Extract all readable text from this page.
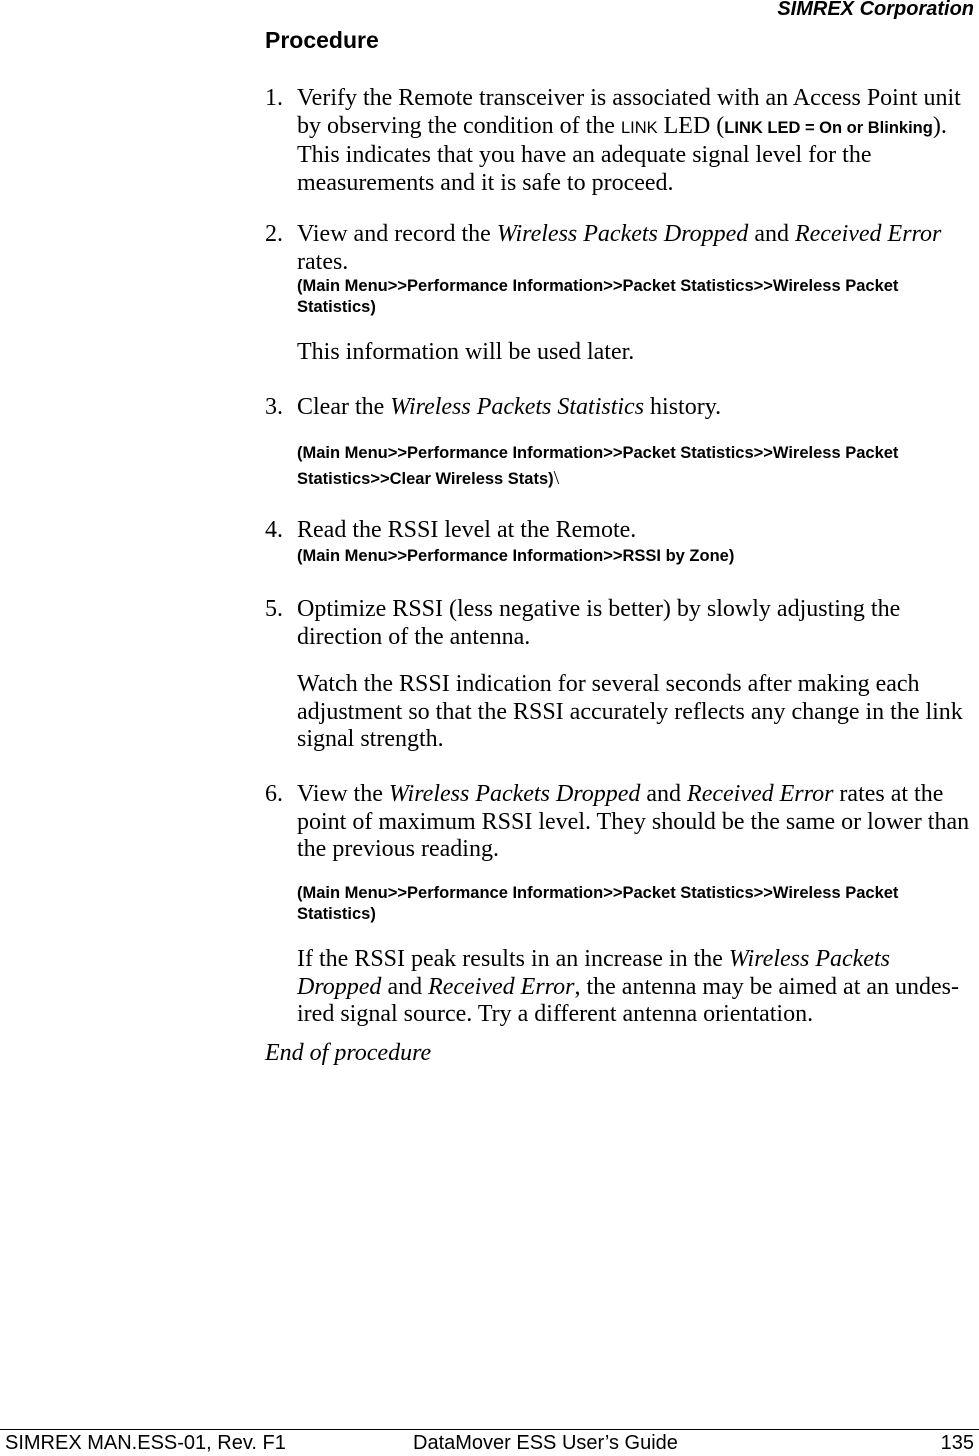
SIMREX Corporation
Procedure
1. Verify the Remote transceiver is associated with an Access Point unit by observing the condition of the LINK LED (LINK LED = On or Blinking). This indicates that you have an adequate signal level for the measurements and it is safe to proceed.
2. View and record the Wireless Packets Dropped and Received Error rates.
(Main Menu>>Performance Information>>Packet Statistics>>Wireless Packet Statistics)
This information will be used later.
3. Clear the Wireless Packets Statistics history.
(Main Menu>>Performance Information>>Packet Statistics>>Wireless Packet Statistics>>Clear Wireless Stats)\
4. Read the RSSI level at the Remote.
(Main Menu>>Performance Information>>RSSI by Zone)
5. Optimize RSSI (less negative is better) by slowly adjusting the direction of the antenna.
Watch the RSSI indication for several seconds after making each adjustment so that the RSSI accurately reflects any change in the link signal strength.
6. View the Wireless Packets Dropped and Received Error rates at the point of maximum RSSI level. They should be the same or lower than the previous reading.
(Main Menu>>Performance Information>>Packet Statistics>>Wireless Packet Statistics)
If the RSSI peak results in an increase in the Wireless Packets Dropped and Received Error, the antenna may be aimed at an undes-ired signal source. Try a different antenna orientation.
End of procedure
SIMREX MAN.ESS-01, Rev. F1	DataMover ESS User’s Guide	135
